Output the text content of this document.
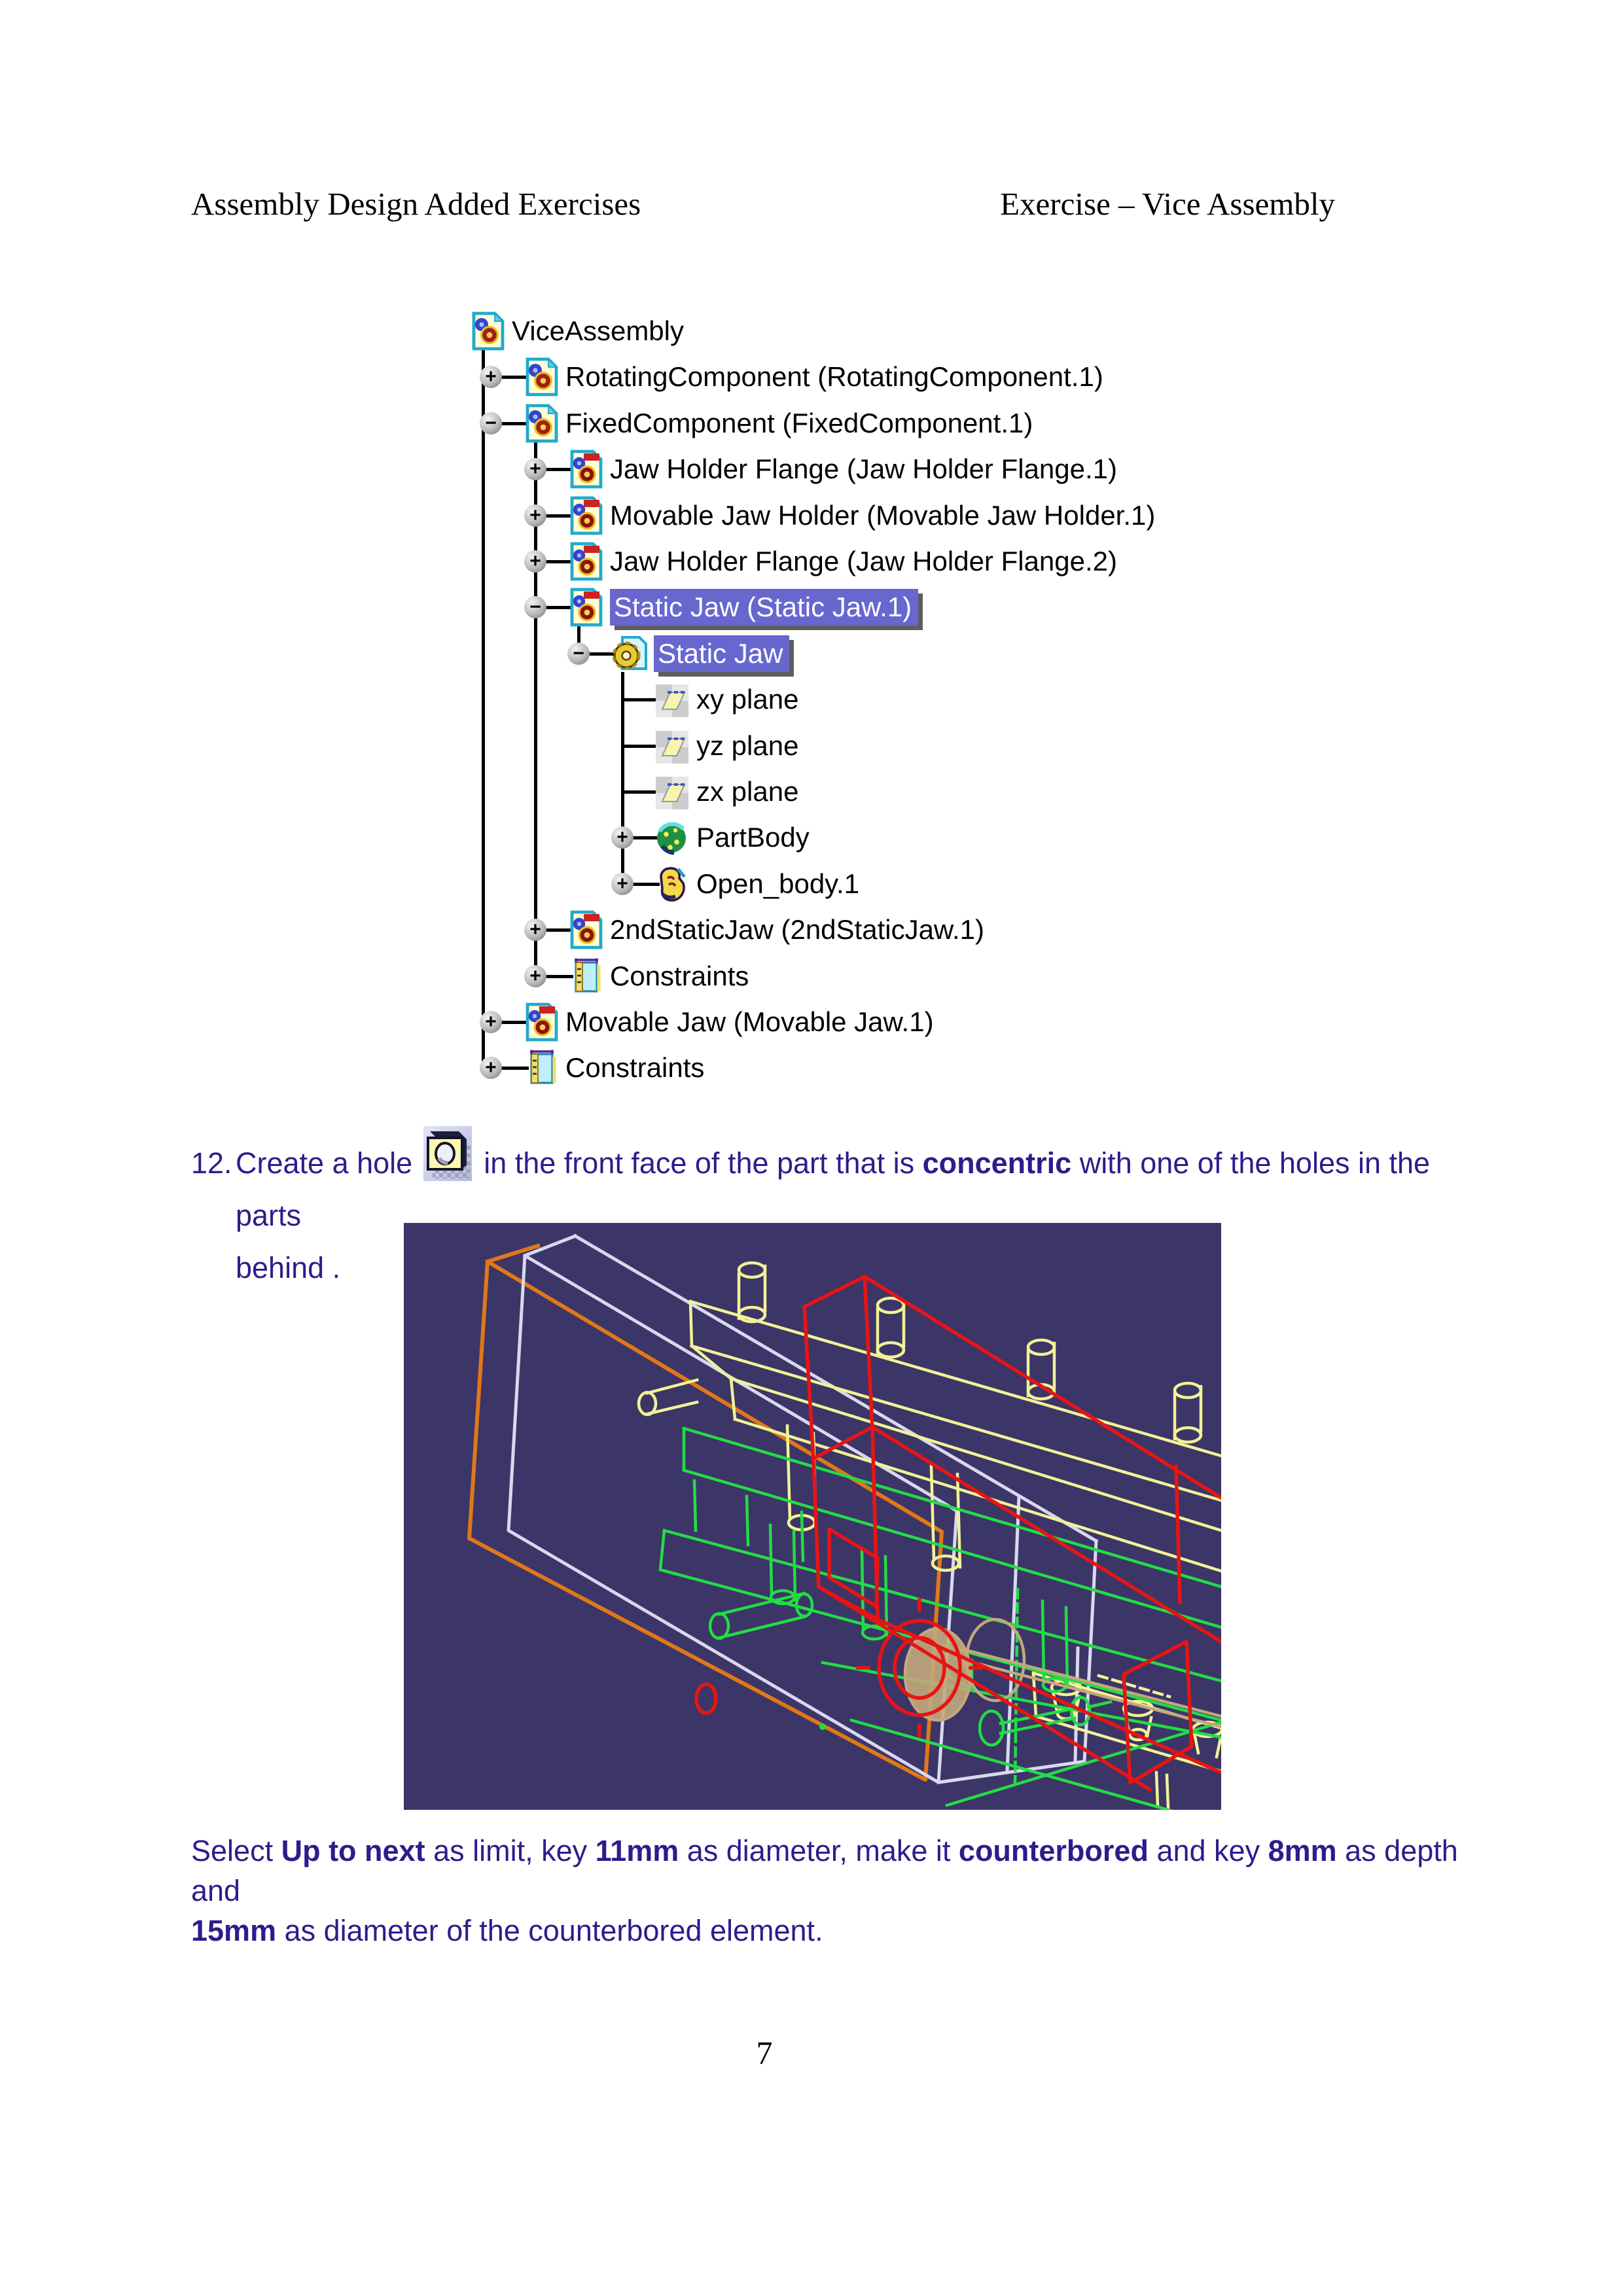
Assembly Design Added Exercises	Exercise – Vice Assembly
ViceAssembly
+	RotatingComponent (RotatingComponent.1)
−	FixedComponent (FixedComponent.1)
+	Jaw Holder Flange (Jaw Holder Flange.1)
+	Movable Jaw Holder (Movable Jaw Holder.1)
+	Jaw Holder Flange (Jaw Holder Flange.2)
−	Static Jaw (Static Jaw.1)
−	Static Jaw
xy plane
yz plane
zx plane
+ PartBody
+ Open_body.1
+	2ndStaticJaw (2ndStaticJaw.1)
+	Constraints
+	Movable Jaw (Movable Jaw.1)
+	Constraints
12. Create a hole in the front face of the part that is concentric with one of the holes in the parts
behind .
Select Up to next as limit, key 11mm as diameter, make it counterbored and key 8mm as depth and
15mm as diameter of the counterbored element.
7
